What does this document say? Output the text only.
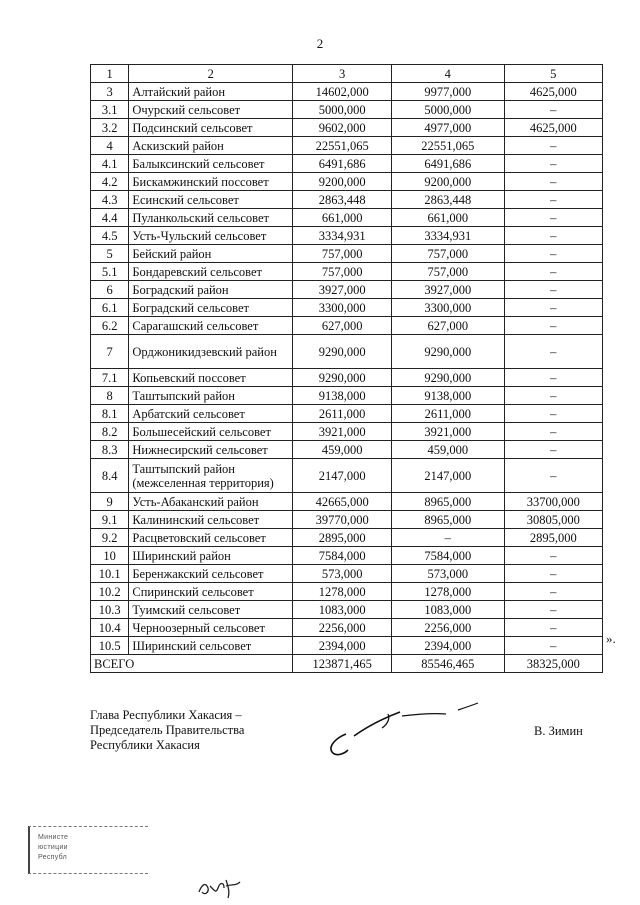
2
1	2	3	4	5
3	Алтайский район	14602,000	9977,000	4625,000
3.1	Очурский сельсовет	5000,000	5000,000	–
3.2	Подсинский сельсовет	9602,000	4977,000	4625,000
4	Аскизский район	22551,065	22551,065	–
4.1	Балыксинский сельсовет	6491,686	6491,686	–
4.2	Бискамжинский поссовет	9200,000	9200,000	–
4.3	Есинский сельсовет	2863,448	2863,448	–
4.4	Пуланкольский сельсовет	661,000	661,000	–
4.5	Усть-Чульский сельсовет	3334,931	3334,931	–
5	Бейский район	757,000	757,000	–
5.1	Бондаревский сельсовет	757,000	757,000	–
6	Боградский район	3927,000	3927,000	–
6.1	Боградский сельсовет	3300,000	3300,000	–
6.2	Сарагашский сельсовет	627,000	627,000	–
7	Орджоникидзевский район	9290,000	9290,000	–
7.1	Копьевский поссовет	9290,000	9290,000	–
8	Таштыпский район	9138,000	9138,000	–
8.1	Арбатский сельсовет	2611,000	2611,000	–
8.2	Большесейский сельсовет	3921,000	3921,000	–
8.3	Нижнесирский сельсовет	459,000	459,000	–
8.4	Таштыпский район (межселенная территория)	2147,000	2147,000	–
9	Усть-Абаканский район	42665,000	8965,000	33700,000
9.1	Калининский сельсовет	39770,000	8965,000	30805,000
9.2	Расцветовский сельсовет	2895,000	–	2895,000
10	Ширинский район	7584,000	7584,000	–
10.1	Беренжакский сельсовет	573,000	573,000	–
10.2	Спиринский сельсовет	1278,000	1278,000	–
10.3	Туимский сельсовет	1083,000	1083,000	–
10.4	Черноозерный сельсовет	2256,000	2256,000	–
10.5	Ширинский сельсовет	2394,000	2394,000	–
ВСЕГО		123871,465	85546,465	38325,000
».
Глава Республики Хакасия –
Председатель Правительства
Республики Хакасия
В. Зимин
Министе
юстиции
Республ
